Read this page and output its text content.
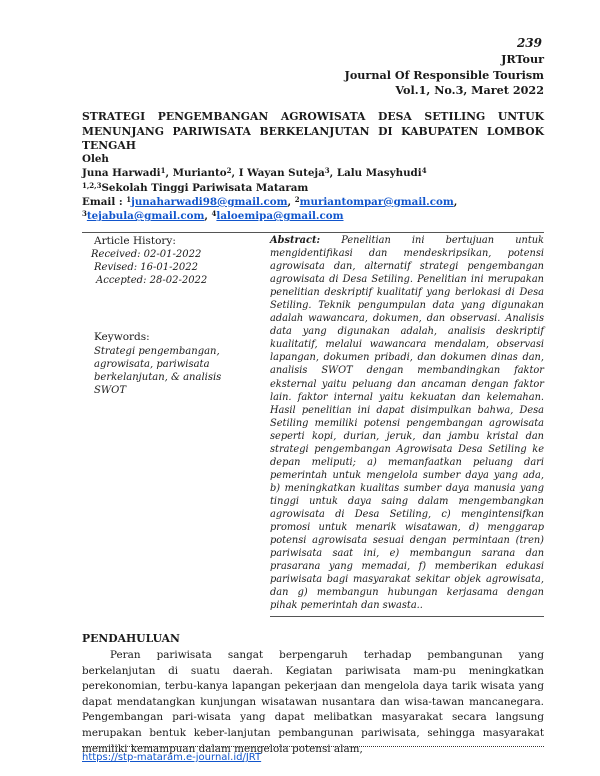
239
JRTour
Journal Of Responsible Tourism
Vol.1, No.3, Maret 2022
STRATEGI PENGEMBANGAN AGROWISATA DESA SETILING UNTUK MENUNJANG PARIWISATA BERKELANJUTAN DI KABUPATEN LOMBOK TENGAH
Oleh
Juna Harwadi$^1$, Murianto$^2$, I Wayan Suteja$^3$, Lalu Masyhudi$^4$
$^{1,2,3}$Sekolah Tinggi Pariwisata Mataram
Email : $^1$junaharwadi98@gmail.com, $^2$muriantompar@gmail.com,
$^3$tejabula@gmail.com, $^4$laloemipa@gmail.com
Article History:
Received: 02-01-2022
Revised: 16-01-2022
Accepted: 28-02-2022
Keywords:
Strategi pengembangan, agrowisata, pariwisata berkelanjutan, & analisis SWOT

Abstract: Penelitian ini bertujuan untuk mengidentifikasi dan mendeskripsikan, potensi agrowisata dan, alternatif strategi pengembangan agrowisata di Desa Setiling. Penelitian ini merupakan penelitian deskriptif kualitatif yang berlokasi di Desa Setiling. Teknik pengumpulan data yang digunakan adalah wawancara, dokumen, dan observasi. Analisis data yang digunakan adalah, analisis deskriptif kualitatif, melalui wawancara mendalam, observasi lapangan, dokumen pribadi, dan dokumen dinas dan, analisis SWOT dengan membandingkan faktor eksternal yaitu peluang dan ancaman dengan faktor lain. faktor internal yaitu kekuatan dan kelemahan. Hasil penelitian ini dapat disimpulkan bahwa, Desa Setiling memiliki potensi pengembangan agrowisata seperti kopi, durian, jeruk, dan jambu kristal dan strategi pengembangan Agrowisata Desa Setiling ke depan meliputi; a) memanfaatkan peluang dari pemerintah untuk mengelola sumber daya yang ada, b) meningkatkan kualitas sumber daya manusia yang tinggi untuk daya saing dalam mengembangkan agrowisata di Desa Setiling, c) mengintensifkan promosi untuk menarik wisatawan, d) menggarap potensi agrowisata sesuai dengan permintaan (tren) pariwisata saat ini, e) membangun sarana dan prasarana yang memadai, f) memberikan edukasi pariwisata bagi masyarakat sekitar objek agrowisata, dan g) membangun hubungan kerjasama dengan pihak pemerintah dan swasta..

PENDAHULUAN

Peran pariwisata sangat berpengaruh terhadap pembangunan yang berkelanjutan di suatu daerah. Kegiatan pariwisata mam-pu meningkatkan perekonomian, terbu-kanya lapangan pekerjaan dan mengelola daya tarik wisata yang dapat mendatangkan kunjungan wisatawan nusantara dan wisa-tawan mancanegara. Pengembangan pari-wisata yang dapat melibatkan masyarakat secara langsung merupakan bentuk keber-lanjutan pembangunan pariwisata, sehingga masyarakat memiliki kemampuan dalam mengelola potensi alam,

https://stp-mataram.e-journal.id/JRT
